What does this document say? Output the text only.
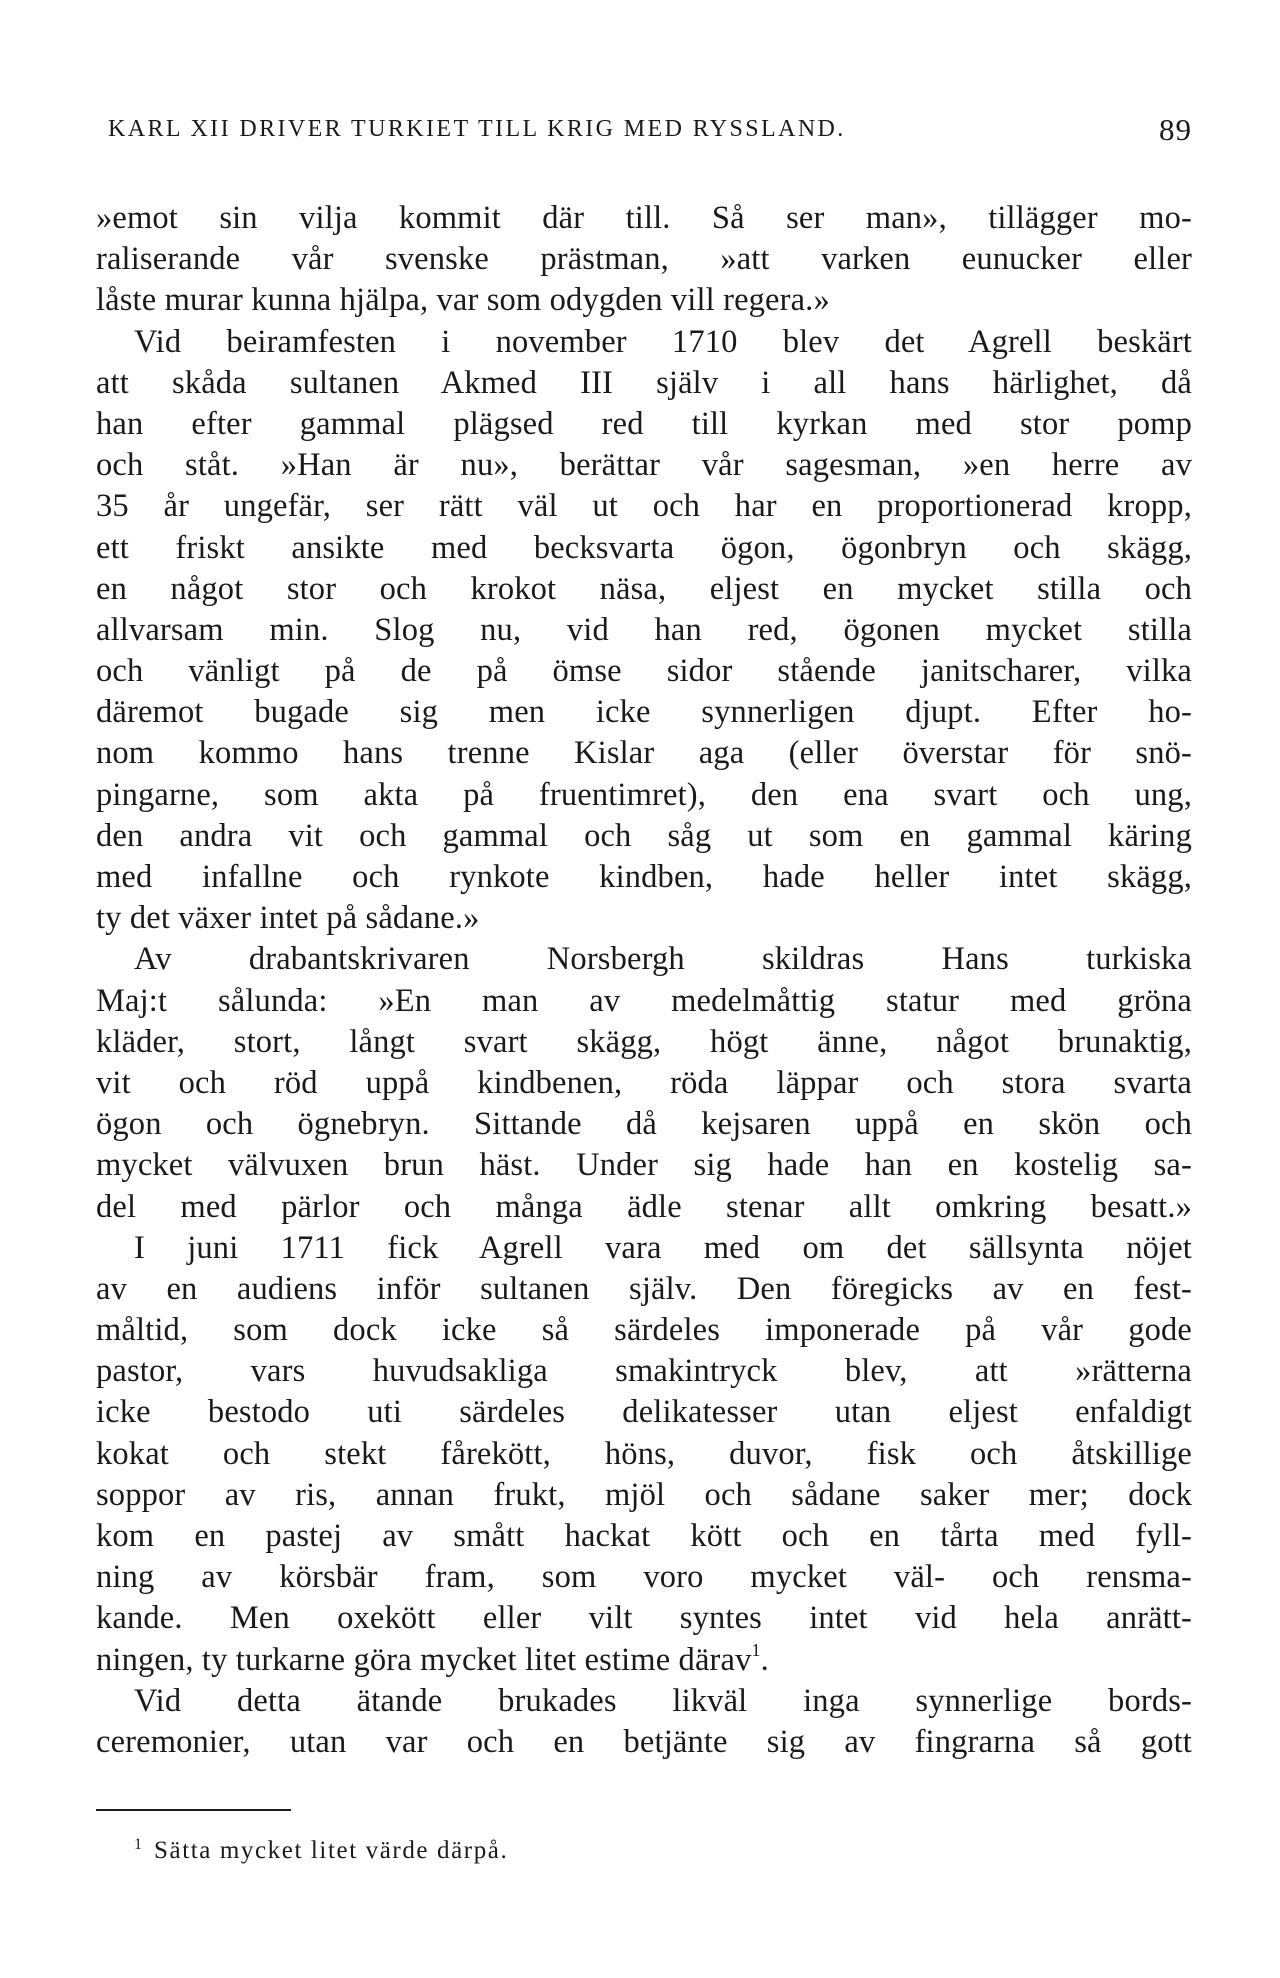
KARL XII DRIVER TURKIET TILL KRIG MED RYSSLAND.	89
»emot sin vilja kommit där till. Så ser man», tillägger mo-
raliserande vår svenske prästman, »att varken eunucker eller
låste murar kunna hjälpa, var som odygden vill regera.»
Vid beiramfesten i november 1710 blev det Agrell beskärt
att skåda sultanen Akmed III själv i all hans härlighet, då
han efter gammal plägsed red till kyrkan med stor pomp
och ståt. »Han är nu», berättar vår sagesman, »en herre av
35 år ungefär, ser rätt väl ut och har en proportionerad kropp,
ett friskt ansikte med becksvarta ögon, ögonbryn och skägg,
en något stor och krokot näsa, eljest en mycket stilla och
allvarsam min. Slog nu, vid han red, ögonen mycket stilla
och vänligt på de på ömse sidor stående janitscharer, vilka
däremot bugade sig men icke synnerligen djupt. Efter ho-
nom kommo hans trenne Kislar aga (eller överstar för snö-
pingarne, som akta på fruentimret), den ena svart och ung,
den andra vit och gammal och såg ut som en gammal käring
med infallne och rynkote kindben, hade heller intet skägg,
ty det växer intet på sådane.»
Av drabantskrivaren Norsbergh skildras Hans turkiska
Maj:t sålunda: »En man av medelmåttig statur med gröna
kläder, stort, långt svart skägg, högt änne, något brunaktig,
vit och röd uppå kindbenen, röda läppar och stora svarta
ögon och ögnebryn. Sittande då kejsaren uppå en skön och
mycket välvuxen brun häst. Under sig hade han en kostelig sa-
del med pärlor och många ädle stenar allt omkring besatt.»
I juni 1711 fick Agrell vara med om det sällsynta nöjet
av en audiens inför sultanen själv. Den föregicks av en fest-
måltid, som dock icke så särdeles imponerade på vår gode
pastor, vars huvudsakliga smakintryck blev, att »rätterna
icke bestodo uti särdeles delikatesser utan eljest enfaldigt
kokat och stekt fårekött, höns, duvor, fisk och åtskillige
soppor av ris, annan frukt, mjöl och sådane saker mer; dock
kom en pastej av smått hackat kött och en tårta med fyll-
ning av körsbär fram, som voro mycket väl- och rensma-
kande. Men oxekött eller vilt syntes intet vid hela anrätt-
ningen, ty turkarne göra mycket litet estime därav$^1$.
Vid detta ätande brukades likväl inga synnerlige bords-
ceremonier, utan var och en betjänte sig av fingrarna så gott
$^1$ Sätta mycket litet värde därpå.
